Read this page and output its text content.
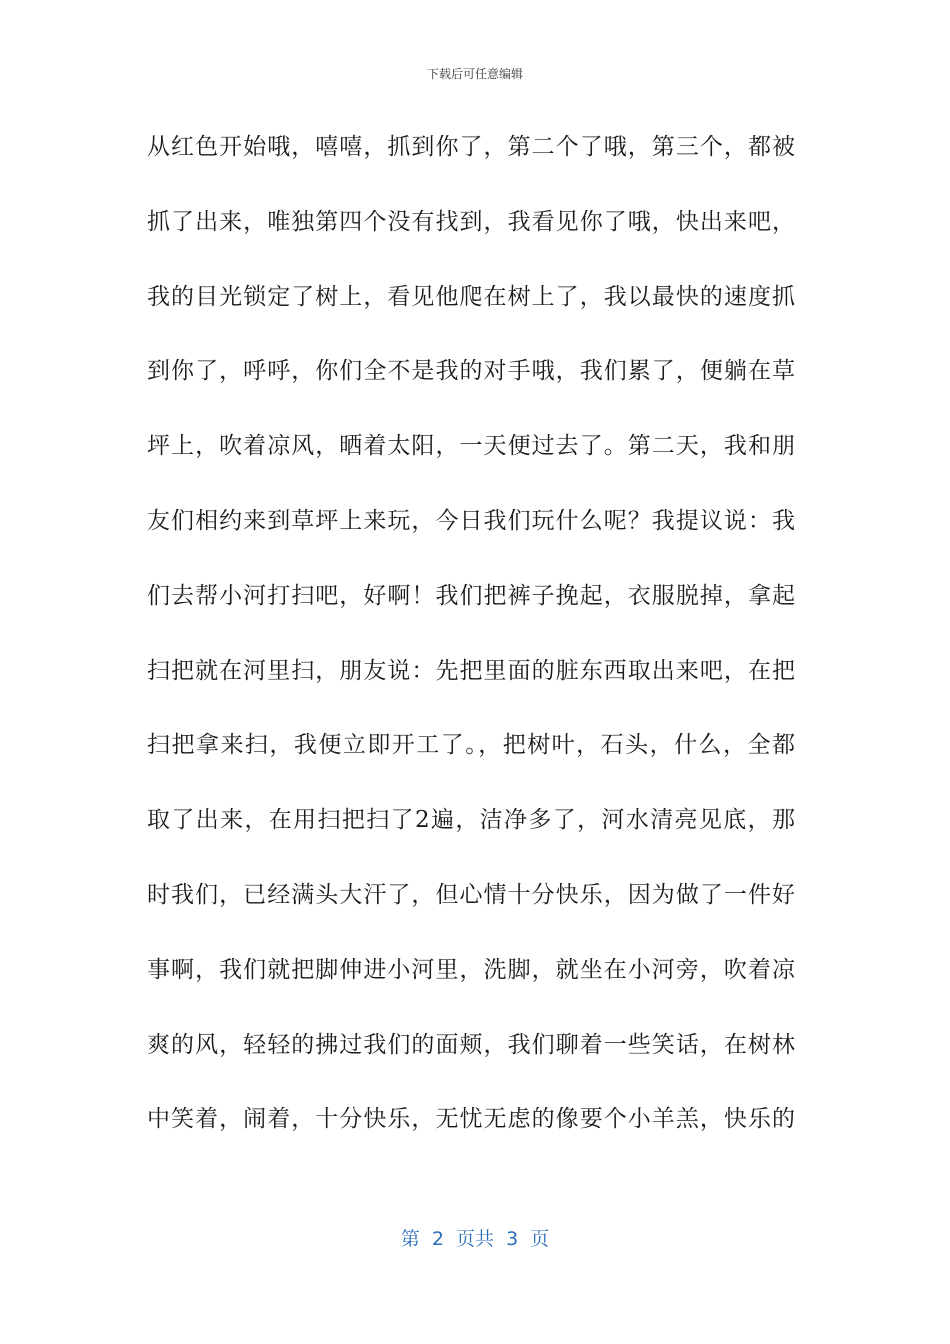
下载后可任意编辑
从红色开始哦，嘻嘻，抓到你了，第二个了哦，第三个，都被
抓了出来，唯独第四个没有找到，我看见你了哦，快出来吧，
我的目光锁定了树上，看见他爬在树上了，我以最快的速度抓
到你了，呼呼，你们全不是我的对手哦，我们累了，便躺在草
坪上，吹着凉风，晒着太阳，一天便过去了。第二天，我和朋
友们相约来到草坪上来玩，今日我们玩什么呢？我提议说：我
们去帮小河打扫吧，好啊！我们把裤子挽起，衣服脱掉，拿起
扫把就在河里扫，朋友说：先把里面的脏东西取出来吧，在把
扫把拿来扫，我便立即开工了。，把树叶，石头，什么，全都
取了出来，在用扫把扫了2遍，洁净多了，河水清亮见底，那
时我们，已经满头大汗了，但心情十分快乐，因为做了一件好
事啊，我们就把脚伸进小河里，洗脚，就坐在小河旁，吹着凉
爽的风，轻轻的拂过我们的面颊，我们聊着一些笑话，在树林
中笑着，闹着，十分快乐，无忧无虑的像要个小羊羔，快乐的
第  2  页共  3  页
